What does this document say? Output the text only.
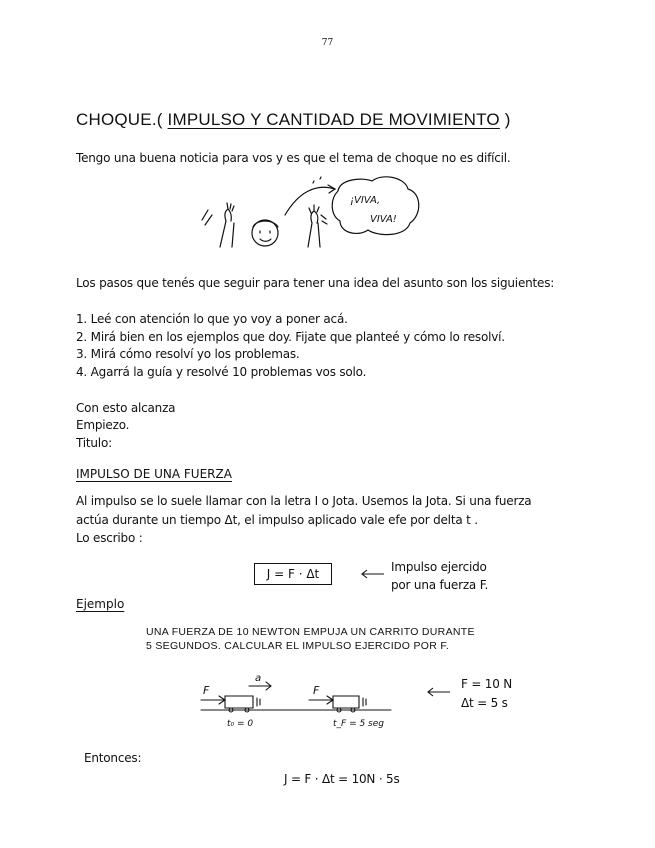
77
CHOQUE.( IMPULSO Y CANTIDAD DE MOVIMIENTO )
Tengo una buena noticia para vos y es que el tema de choque no es difícil.
¡VIVA,
VIVA!
Los pasos que tenés que seguir para tener una idea del asunto son los siguientes:
1. Leé con atención lo que yo voy a poner acá.
2. Mirá bien en los ejemplos que doy. Fijate que planteé y cómo lo resolví.
3. Mirá cómo resolví yo los problemas.
4. Agarrá la guía y resolvé 10 problemas vos solo.
Con esto alcanza
Empiezo.
Titulo:
IMPULSO DE UNA FUERZA
Al impulso se lo suele llamar con la letra I o Jota. Usemos la Jota. Si una fuerza
actúa durante un tiempo Δt, el impulso aplicado vale efe por delta t .
Lo escribo :
J = F · Δt	Impulso ejercido
por una fuerza F.
Ejemplo
UNA FUERZA DE 10 NEWTON EMPUJA UN CARRITO DURANTE
5 SEGUNDOS. CALCULAR EL IMPULSO EJERCIDO POR F.
F	F
a
t₀ = 0	t_F = 5 seg
F = 10 N
Δt = 5 s
Entonces:
J = F · Δt = 10N · 5s
